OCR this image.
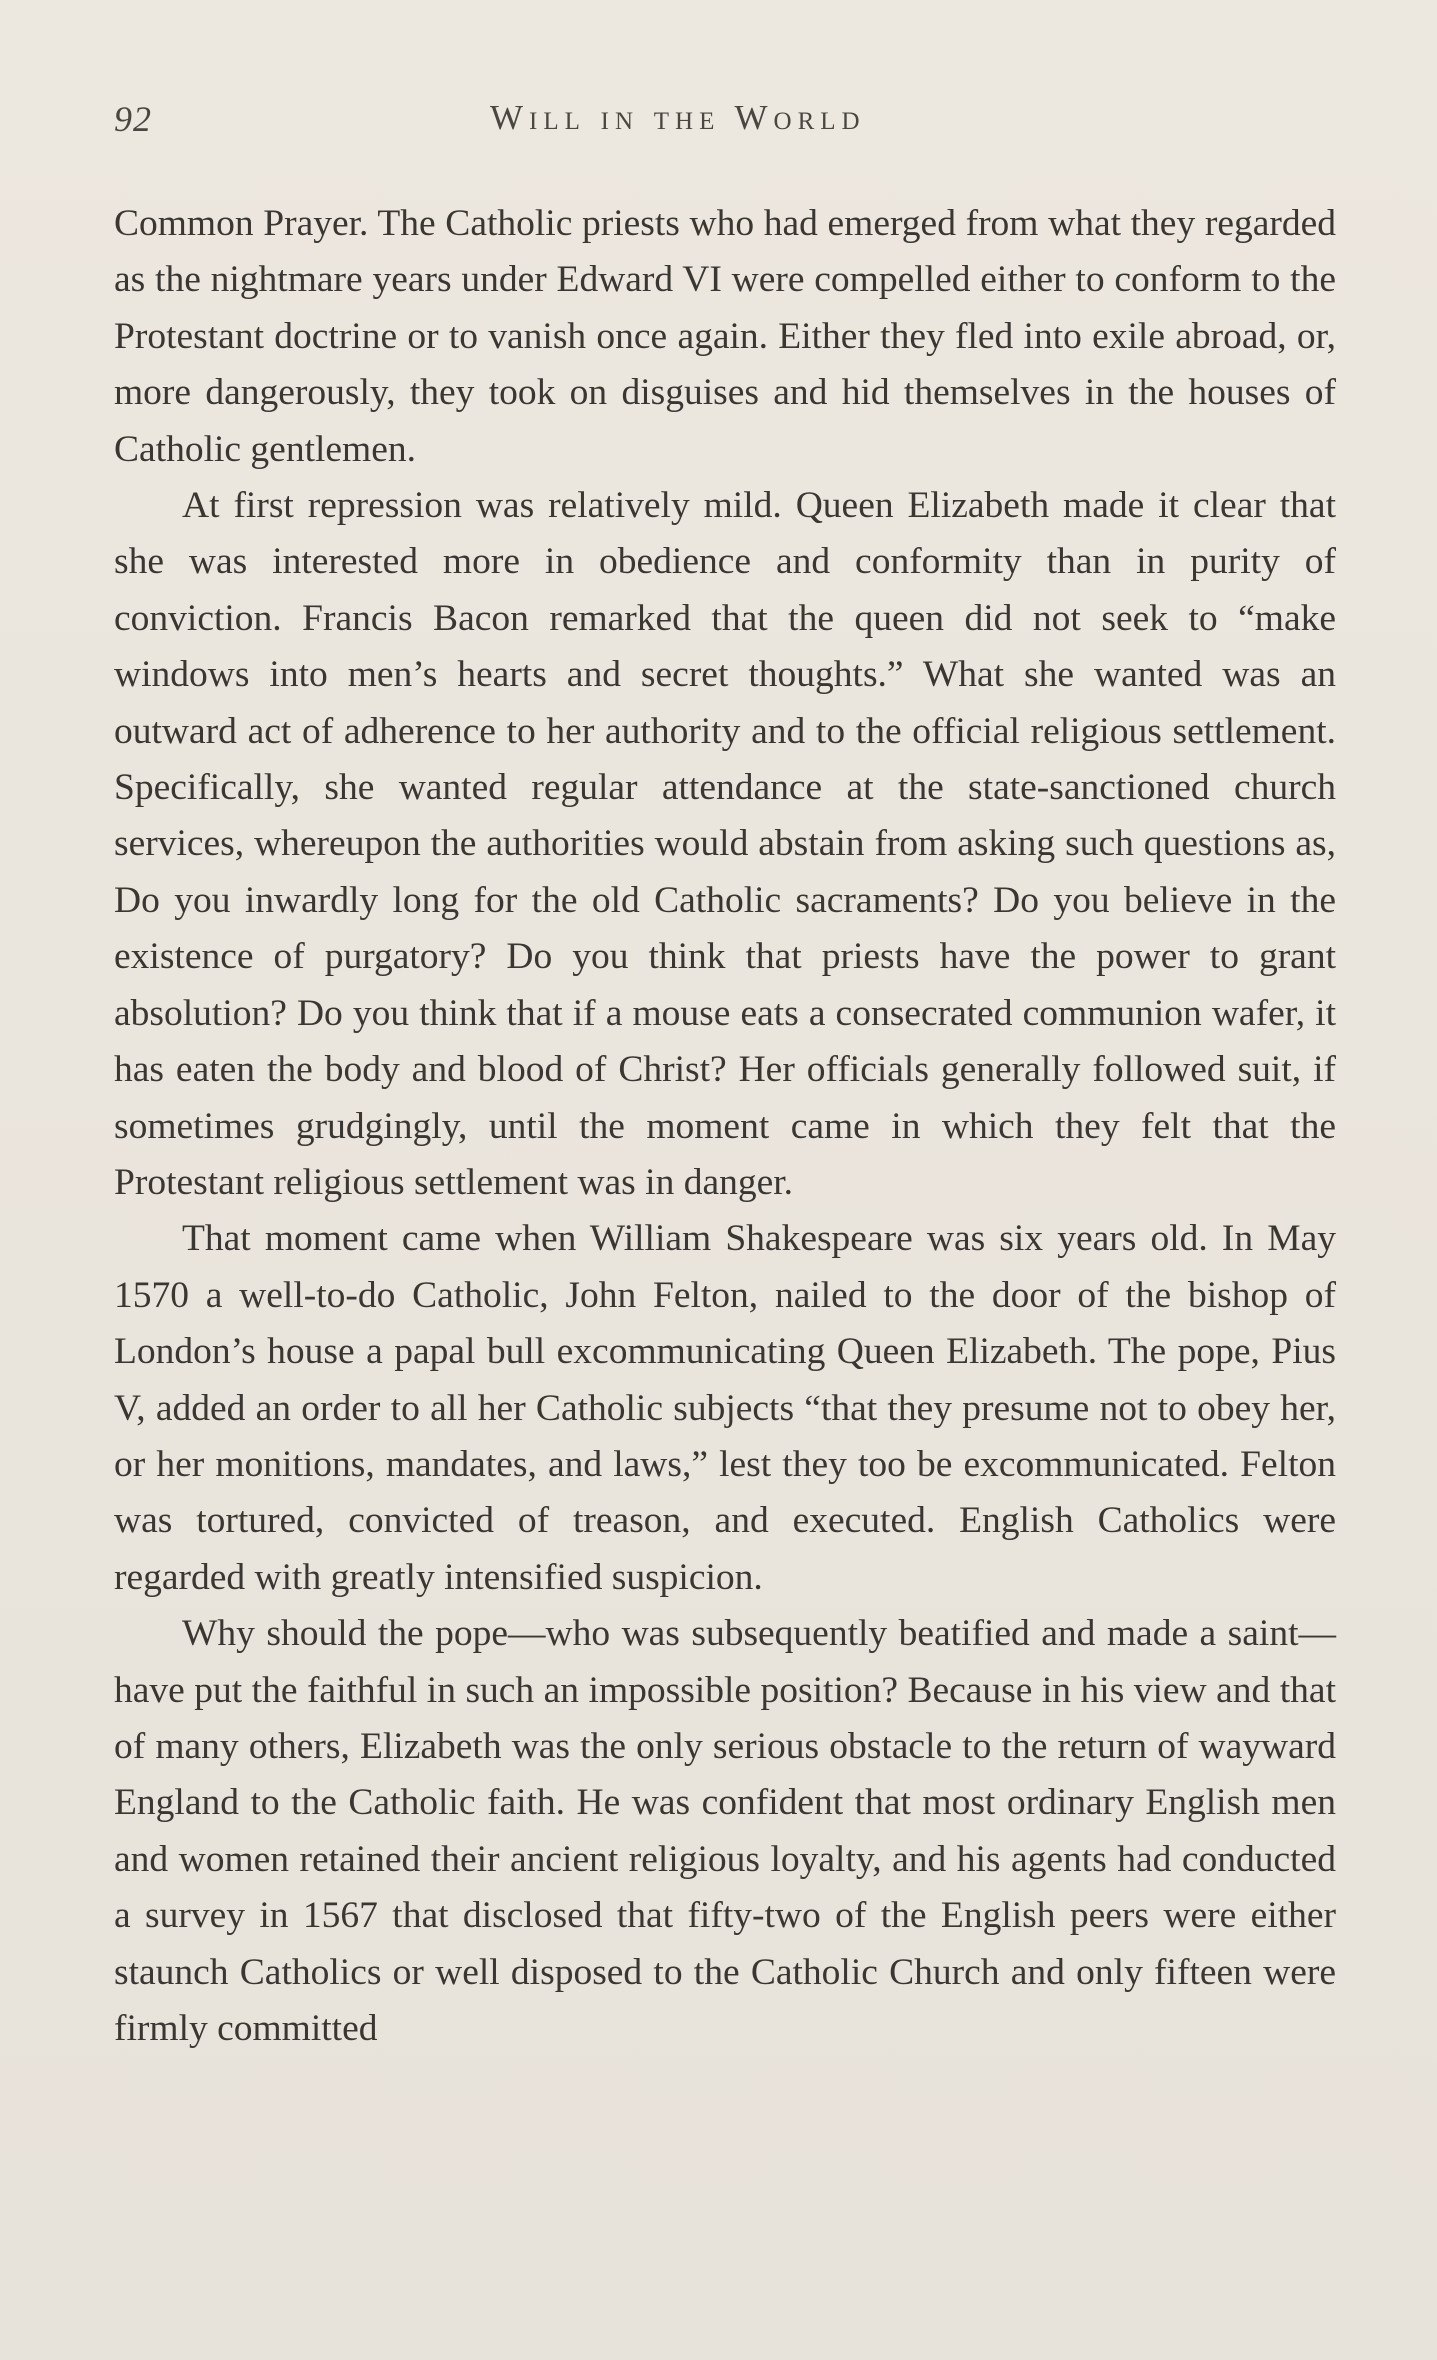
92	Will in the World

Common Prayer. The Catholic priests who had emerged from what they regarded as the nightmare years under Edward VI were compelled either to conform to the Protestant doctrine or to vanish once again. Either they fled into exile abroad, or, more dangerously, they took on disguises and hid themselves in the houses of Catholic gentlemen.

At first repression was relatively mild. Queen Elizabeth made it clear that she was interested more in obedience and conformity than in purity of conviction. Francis Bacon remarked that the queen did not seek to “make windows into men’s hearts and secret thoughts.” What she wanted was an outward act of adherence to her authority and to the official religious settlement. Specifically, she wanted regular attendance at the state-sanctioned church services, whereupon the authorities would abstain from asking such questions as, Do you inwardly long for the old Catholic sacraments? Do you believe in the existence of purgatory? Do you think that priests have the power to grant absolution? Do you think that if a mouse eats a consecrated communion wafer, it has eaten the body and blood of Christ? Her officials generally followed suit, if sometimes grudgingly, until the moment came in which they felt that the Protestant religious settlement was in danger.

That moment came when William Shakespeare was six years old. In May 1570 a well-to-do Catholic, John Felton, nailed to the door of the bishop of London’s house a papal bull excommunicating Queen Elizabeth. The pope, Pius V, added an order to all her Catholic subjects “that they presume not to obey her, or her monitions, mandates, and laws,” lest they too be excommunicated. Felton was tortured, convicted of treason, and executed. English Catholics were regarded with greatly intensified suspicion.

Why should the pope—who was subsequently beatified and made a saint—have put the faithful in such an impossible position? Because in his view and that of many others, Elizabeth was the only serious obstacle to the return of wayward England to the Catholic faith. He was confident that most ordinary English men and women retained their ancient religious loyalty, and his agents had conducted a survey in 1567 that disclosed that fifty-two of the English peers were either staunch Catholics or well disposed to the Catholic Church and only fifteen were firmly committed
